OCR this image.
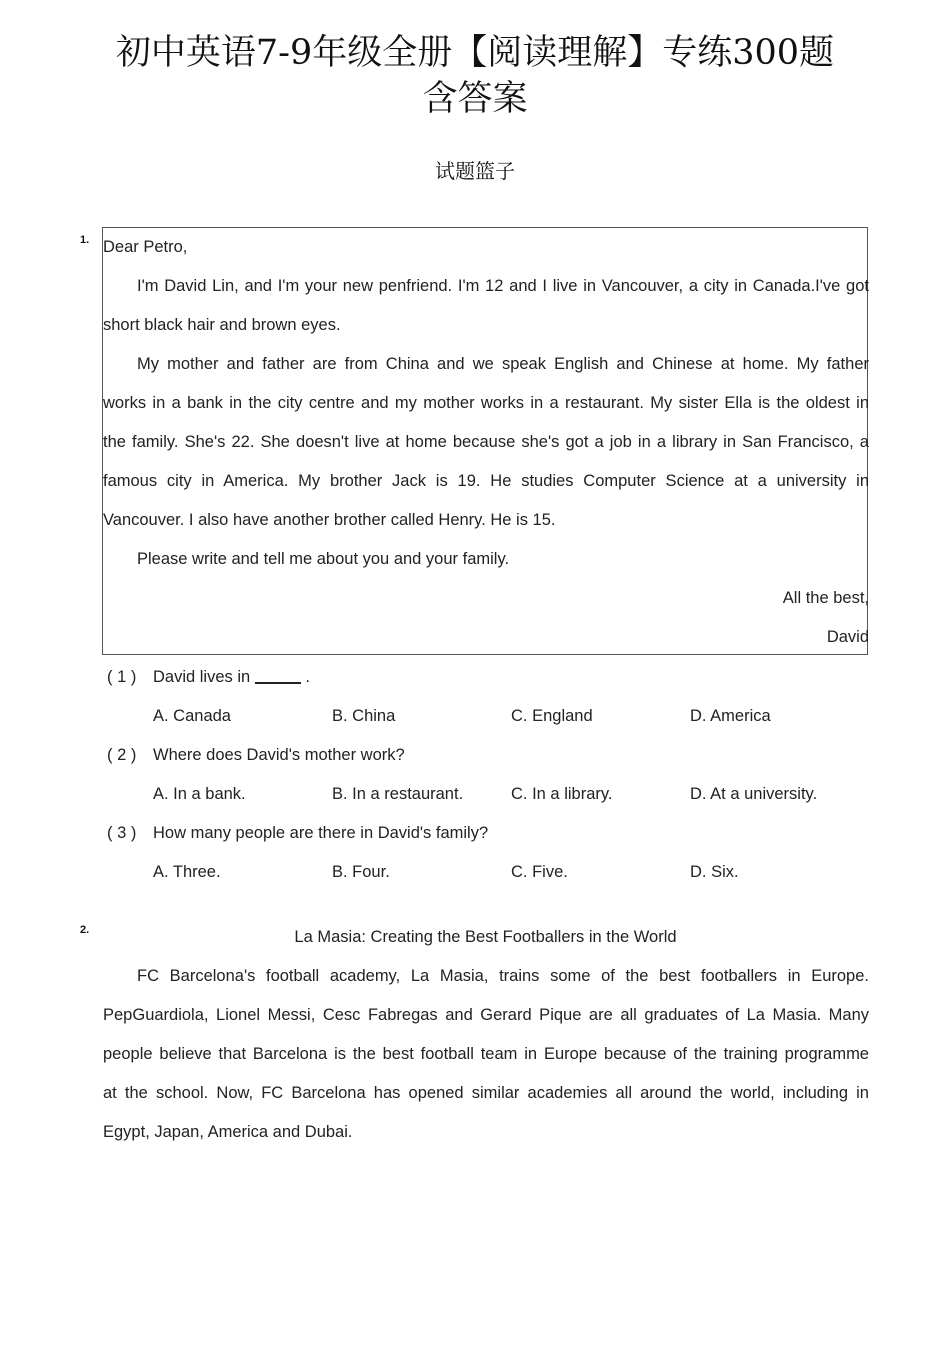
初中英语7-9年级全册【阅读理解】专练300题
含答案
试题篮子
1. Dear Petro,
I'm David Lin, and I'm your new penfriend. I'm 12 and I live in Vancouver, a city in Canada.I've got
short black hair and brown eyes.
My mother and father are from China and we speak English and Chinese at home. My father
works in a bank in the city centre and my mother works in a restaurant. My sister Ella is the oldest in
the family. She's 22. She doesn't live at home because she's got a job in a library in San Francisco, a
famous city in America. My brother Jack is 19. He studies Computer Science at a university in
Vancouver. I also have another brother called Henry. He is 15.
Please write and tell me about you and your family.
All the best,
David
( 1 ) David lives in	.
A. Canada	B. China	C. England	D. America
( 2 ) Where does David's mother work?
A. In a bank.	B. In a restaurant.	C. In a library.	D. At a university.
( 3 ) How many people are there in David's family?
A. Three.	B. Four.	C. Five.	D. Six.
2.	La Masia: Creating the Best Footballers in the World
FC Barcelona's football academy, La Masia, trains some of the best footballers in Europe.
PepGuardiola, Lionel Messi, Cesc Fabregas and Gerard Pique are all graduates of La Masia. Many
people believe that Barcelona is the best football team in Europe because of the training programme
at the school. Now, FC Barcelona has opened similar academies all around the world, including in
Egypt, Japan, America and Dubai.
